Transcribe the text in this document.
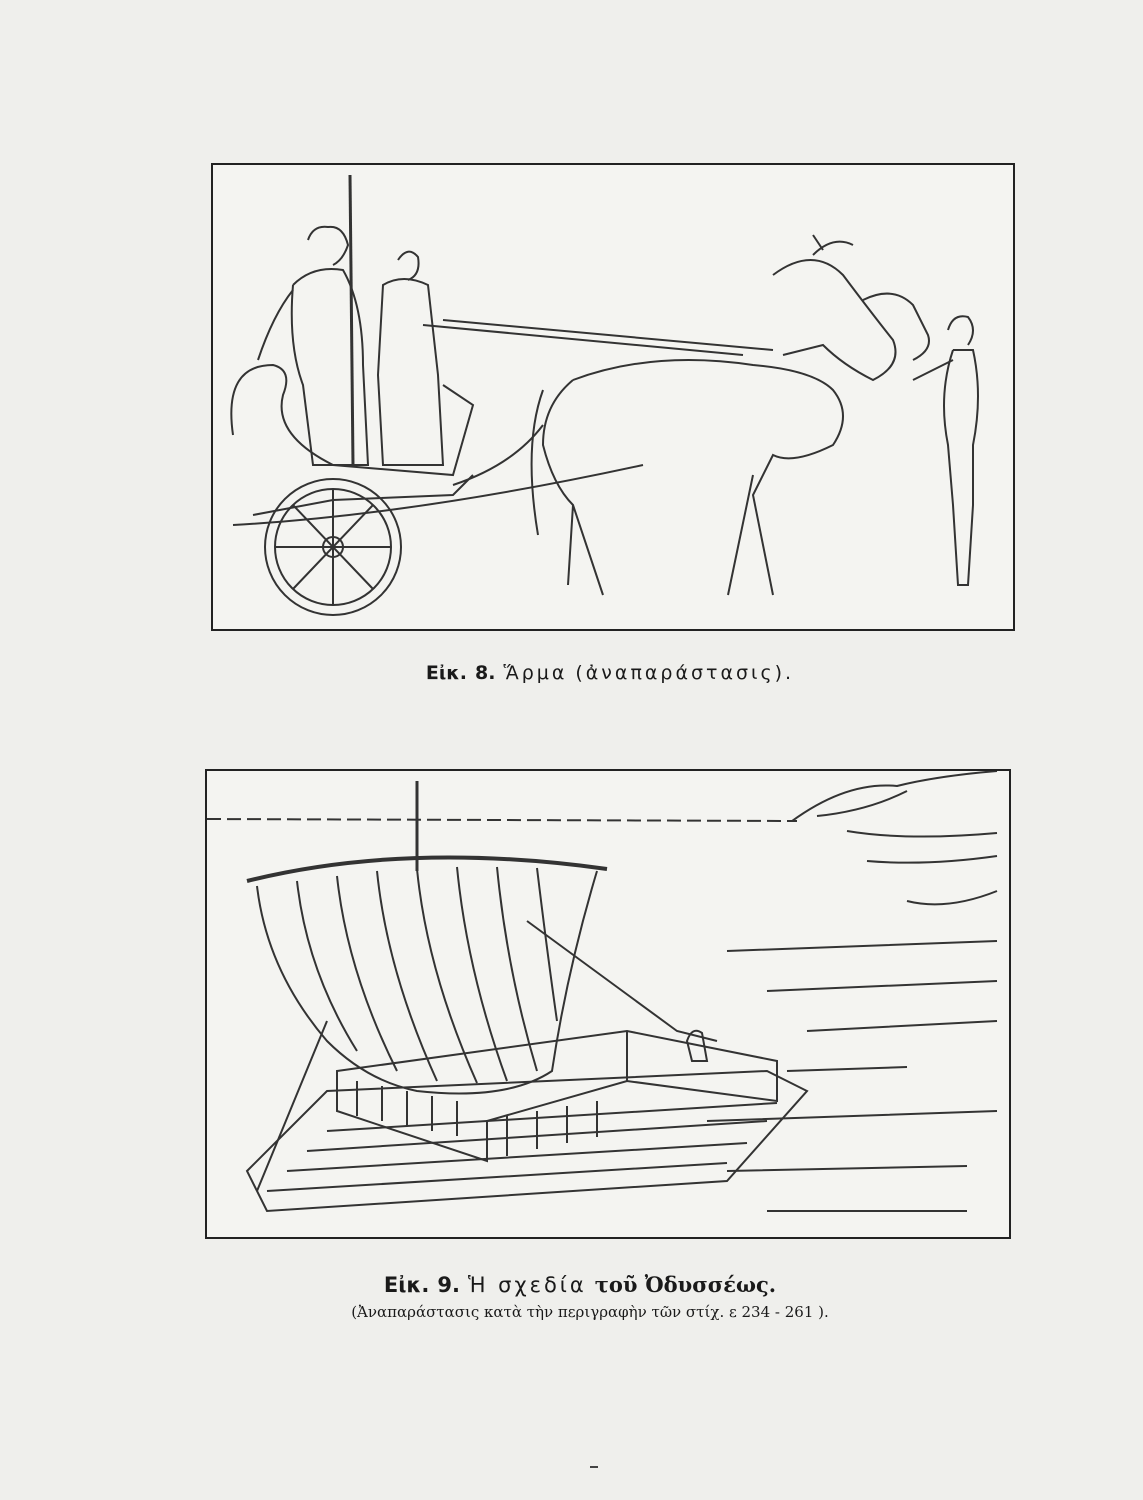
Εἰκ. 8. Ἅρμα (ἀναπαράστασις).
Εἰκ. 9. Ἡ σχεδία τοῦ Ὀδυσσέως.
(Ἀναπαράστασις κατὰ τὴν περιγραφὴν τῶν στίχ. ε 234 - 261 ).
